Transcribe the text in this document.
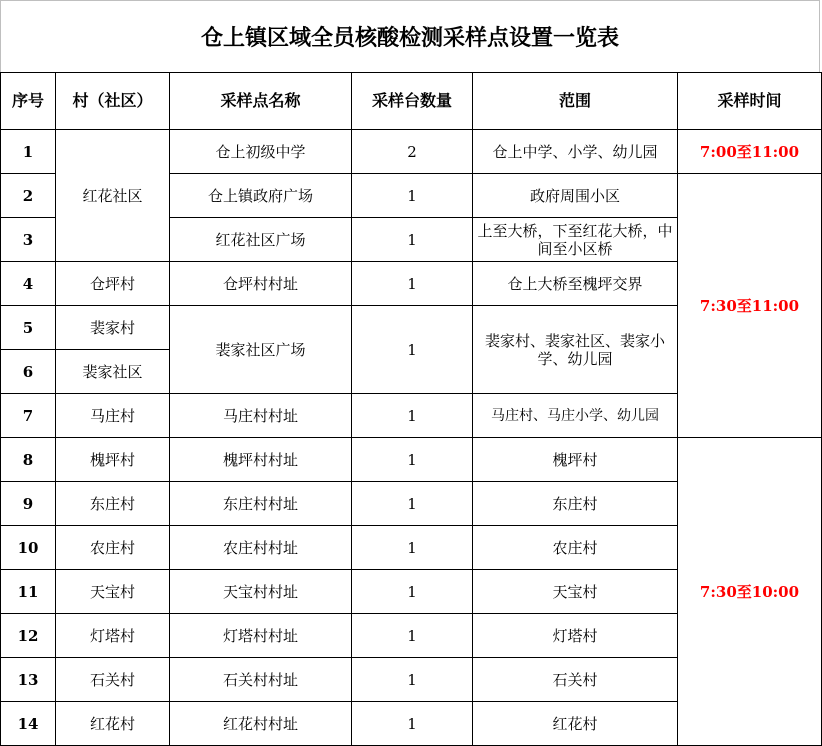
仓上镇区域全员核酸检测采样点设置一览表
序号	村（社区）	采样点名称	采样台数量	范围	采样时间
1	红花社区	仓上初级中学	2	仓上中学、小学、幼儿园	7:00至11:00
2		仓上镇政府广场	1	政府周围小区	7:30至11:00
3		红花社区广场	1	上至大桥，下至红花大桥，中间至小区桥	
4	仓坪村	仓坪村村址	1	仓上大桥至槐坪交界	
5	裴家村	裴家社区广场	1	裴家村、裴家社区、裴家小学、幼儿园	
6	裴家社区				
7	马庄村	马庄村村址	1	马庄村、马庄小学、幼儿园	
8	槐坪村	槐坪村村址	1	槐坪村	7:30至10:00
9	东庄村	东庄村村址	1	东庄村	
10	农庄村	农庄村村址	1	农庄村	
11	天宝村	天宝村村址	1	天宝村	
12	灯塔村	灯塔村村址	1	灯塔村	
13	石关村	石关村村址	1	石关村	
14	红花村	红花村村址	1	红花村	
